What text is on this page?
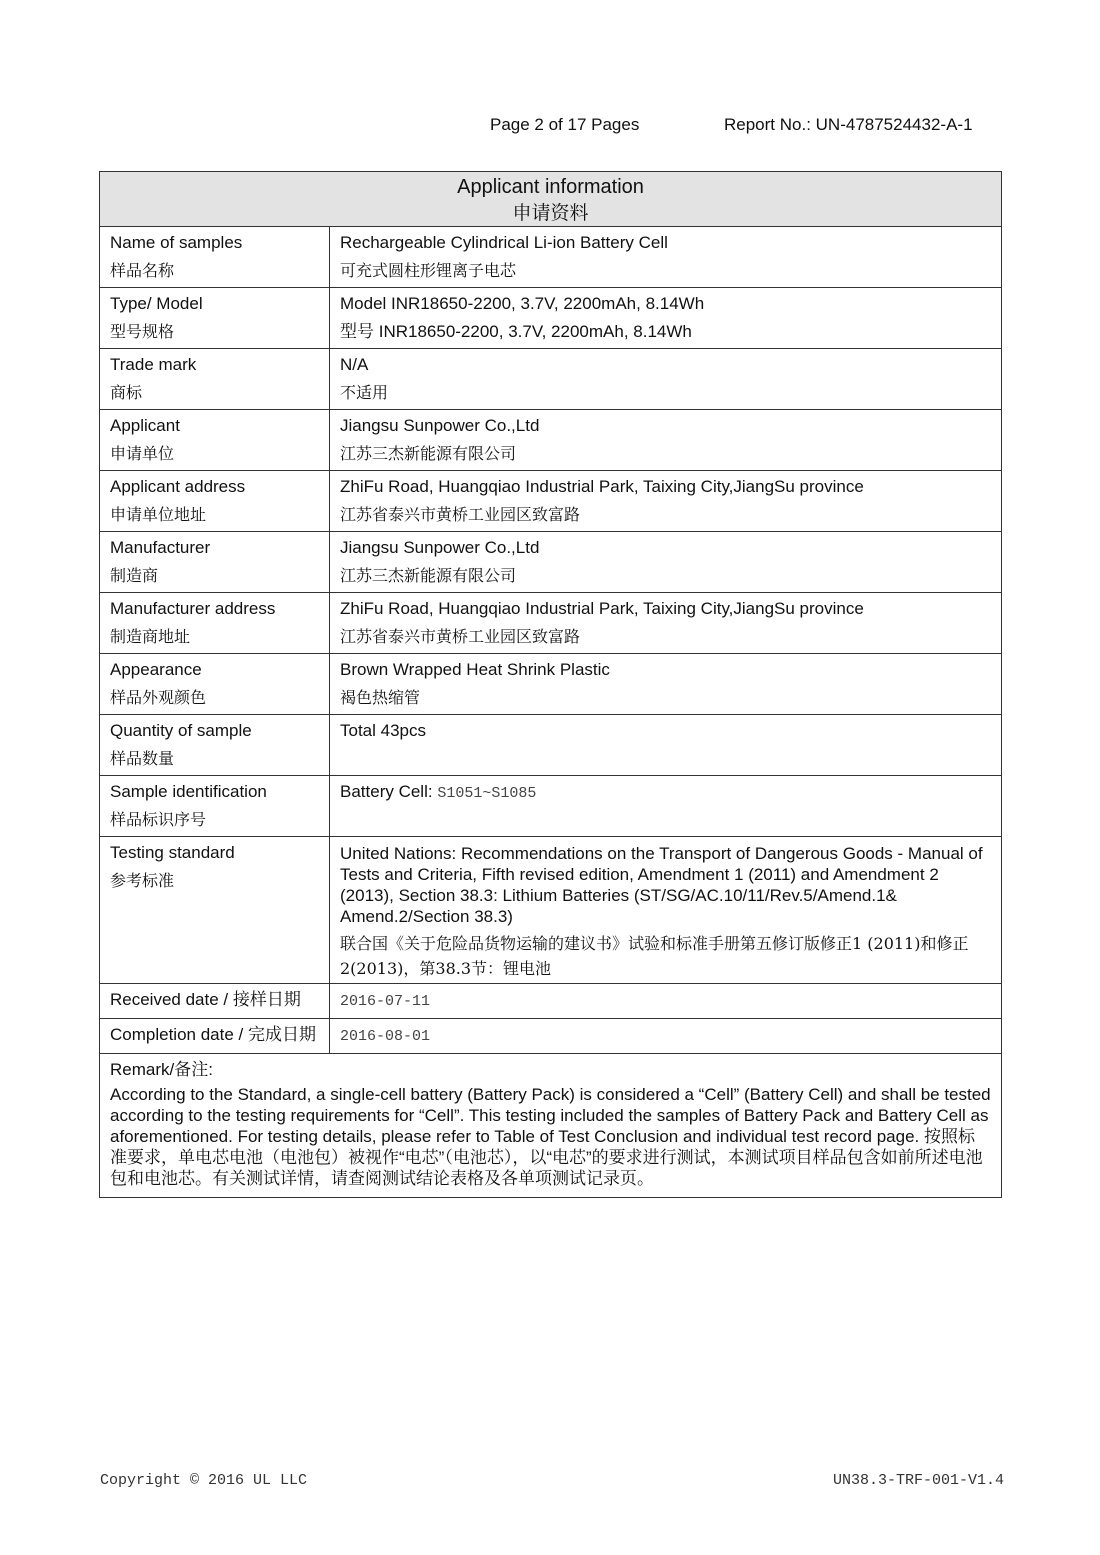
Page 2 of 17 Pages	Report No.: UN-4787524432-A-1
Applicant information
申请资料	

Name of samples
样品名称	Rechargeable Cylindrical Li-ion Battery Cell
可充式圆柱形锂离子电芯

Type/ Model
型号规格	Model INR18650-2200, 3.7V, 2200mAh, 8.14Wh
型号 INR18650-2200, 3.7V, 2200mAh, 8.14Wh

Trade mark
商标	N/A
不适用

Applicant
申请单位	Jiangsu Sunpower Co.,Ltd
江苏三杰新能源有限公司

Applicant address
申请单位地址	ZhiFu Road, Huangqiao Industrial Park, Taixing City,JiangSu province
江苏省泰兴市黄桥工业园区致富路

Manufacturer
制造商	Jiangsu Sunpower Co.,Ltd
江苏三杰新能源有限公司

Manufacturer address
制造商地址	ZhiFu Road, Huangqiao Industrial Park, Taixing City,JiangSu province
江苏省泰兴市黄桥工业园区致富路

Appearance
样品外观颜色	Brown Wrapped Heat Shrink Plastic
褐色热缩管

Quantity of sample
样品数量	Total 43pcs

Sample identification
样品标识序号	Battery Cell: S1051~S1085

Testing standard
参考标准	United Nations: Recommendations on the Transport of Dangerous Goods - Manual of Tests and Criteria, Fifth revised edition, Amendment 1 (2011) and Amendment 2 (2013), Section 38.3: Lithium Batteries (ST/SG/AC.10/11/Rev.5/Amend.1& Amend.2/Section 38.3)
联合国《关于危险品货物运输的建议书》试验和标准手册第五修订版修正1 (2011)和修正2(2013)，第38.3节：锂电池

Received date / 接样日期	2016-07-11
Completion date / 完成日期	2016-08-01

Remark/备注:
According to the Standard, a single-cell battery (Battery Pack) is considered a “Cell” (Battery Cell) and shall be tested according to the testing requirements for “Cell”. This testing included the samples of Battery Pack and Battery Cell as aforementioned. For testing details, please refer to Table of Test Conclusion and individual test record page. 按照标准要求，单电芯电池（电池包）被视作“电芯”（电池芯），以“电芯”的要求进行测试，本测试项目样品包含如前所述电池包和电池芯。有关测试详情，请查阅测试结论表格及各单项测试记录页。	
Copyright © 2016 UL LLC	UN38.3-TRF-001-V1.4
